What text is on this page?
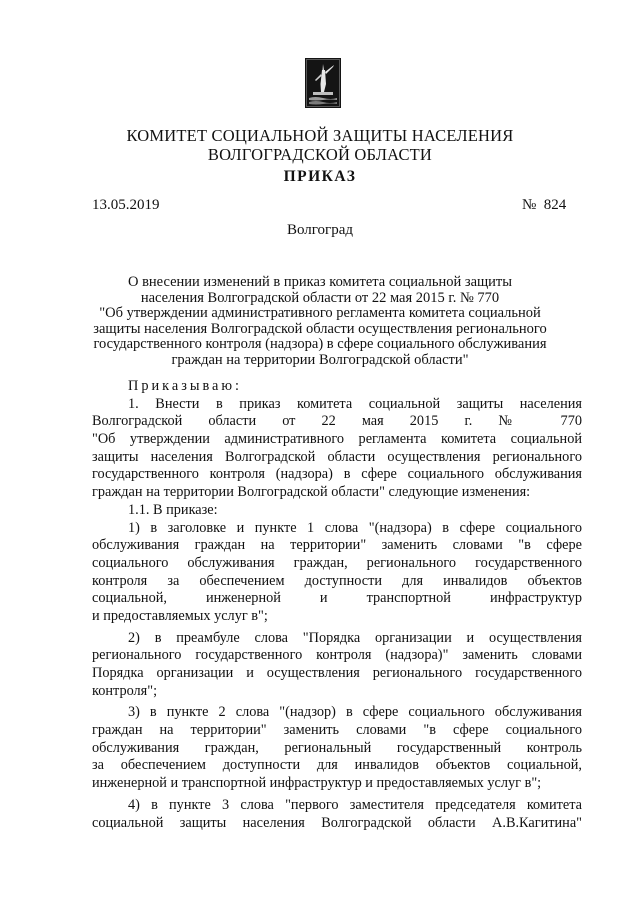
КОМИТЕТ СОЦИАЛЬНОЙ ЗАЩИТЫ НАСЕЛЕНИЯ
ВОЛГОГРАДСКОЙ ОБЛАСТИ
ПРИКАЗ
13.05.2019	№  824
Волгоград
О внесении изменений в приказ комитета социальной защиты
населения Волгоградской области от 22 мая 2015 г. № 770
"Об утверждении административного регламента комитета социальной
защиты населения Волгоградской области осуществления регионального
государственного контроля (надзора) в сфере социального обслуживания
граждан на территории Волгоградской области"
Приказываю:
1. Внести в приказ комитета социальной защиты населения
Волгоградской области от 22 мая 2015 г. № 770
"Об утверждении административного регламента комитета социальной
защиты населения Волгоградской области осуществления регионального
государственного контроля (надзора) в сфере социального обслуживания
граждан на территории Волгоградской области" следующие изменения:
1.1. В приказе:
1) в заголовке и пункте 1 слова "(надзора) в сфере социального
обслуживания граждан на территории" заменить словами "в сфере
социального обслуживания граждан, регионального государственного
контроля за обеспечением доступности для инвалидов объектов
социальной, инженерной и транспортной инфраструктур
и предоставляемых услуг в";
2) в преамбуле слова "Порядка организации и осуществления
регионального государственного контроля (надзора)" заменить словами
Порядка организации и осуществления регионального государственного
контроля";
3) в пункте 2 слова "(надзор) в сфере социального обслуживания
граждан на территории" заменить словами "в сфере социального
обслуживания граждан, региональный государственный контроль
за обеспечением доступности для инвалидов объектов социальной,
инженерной и транспортной инфраструктур и предоставляемых услуг в";
4) в пункте 3 слова "первого заместителя председателя комитета
социальной защиты населения Волгоградской области А.В.Кагитина"
